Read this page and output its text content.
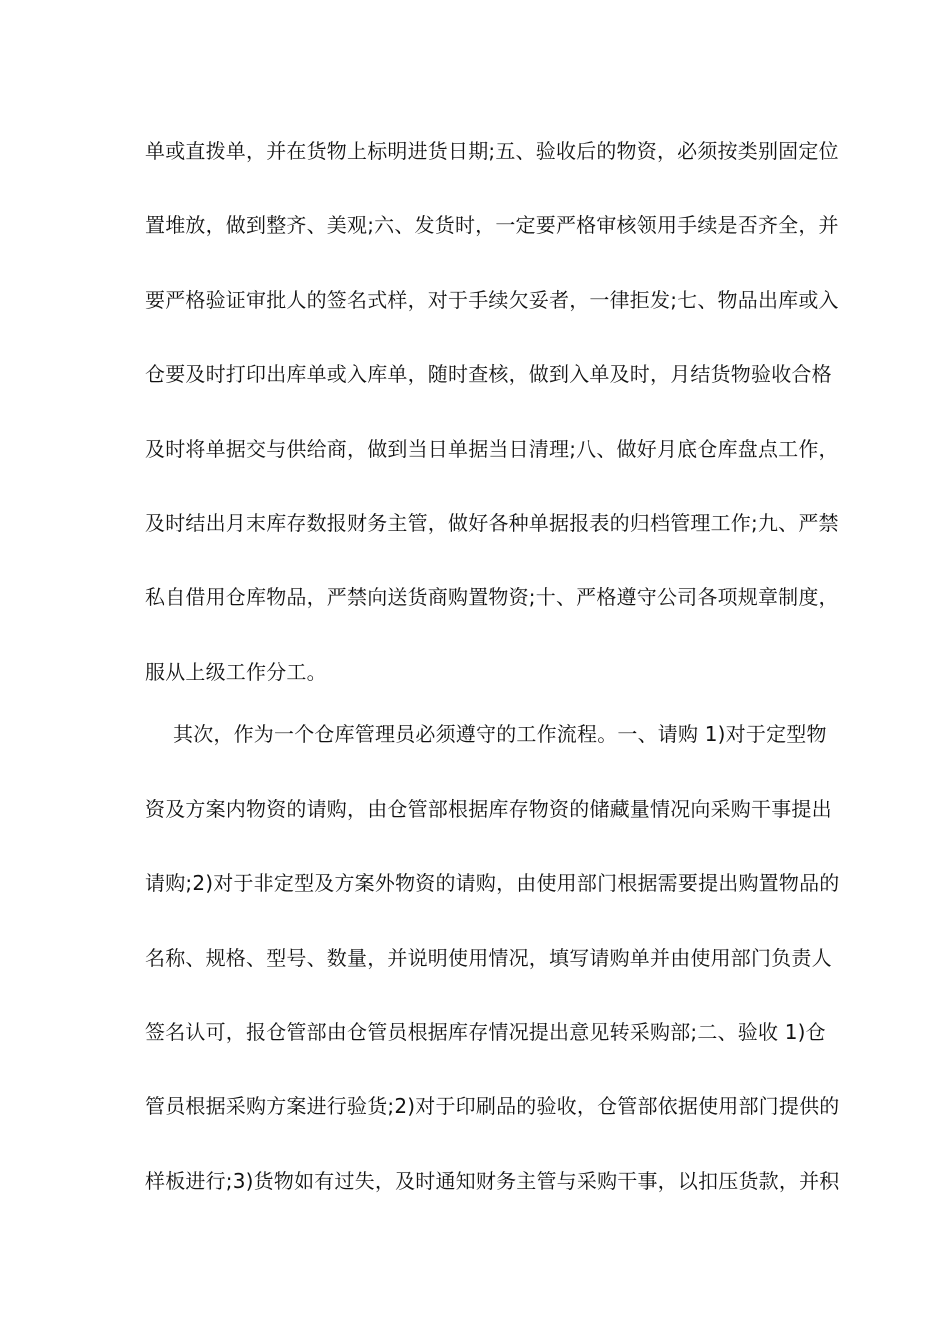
单或直拨单，并在货物上标明进货日期;五、验收后的物资，必须按类别固定位
置堆放，做到整齐、美观;六、发货时，一定要严格审核领用手续是否齐全，并
要严格验证审批人的签名式样，对于手续欠妥者，一律拒发;七、物品出库或入
仓要及时打印出库单或入库单，随时查核，做到入单及时，月结货物验收合格
及时将单据交与供给商，做到当日单据当日清理;八、做好月底仓库盘点工作，
及时结出月末库存数报财务主管，做好各种单据报表的归档管理工作;九、严禁
私自借用仓库物品，严禁向送货商购置物资;十、严格遵守公司各项规章制度，
服从上级工作分工。
其次，作为一个仓库管理员必须遵守的工作流程。一、请购 1)对于定型物
资及方案内物资的请购，由仓管部根据库存物资的储藏量情况向采购干事提出
请购;2)对于非定型及方案外物资的请购，由使用部门根据需要提出购置物品的
名称、规格、型号、数量，并说明使用情况，填写请购单并由使用部门负责人
签名认可，报仓管部由仓管员根据库存情况提出意见转采购部;二、验收 1)仓
管员根据采购方案进行验货;2)对于印刷品的验收，仓管部依据使用部门提供的
样板进行;3)货物如有过失，及时通知财务主管与采购干事，以扣压货款，并积
